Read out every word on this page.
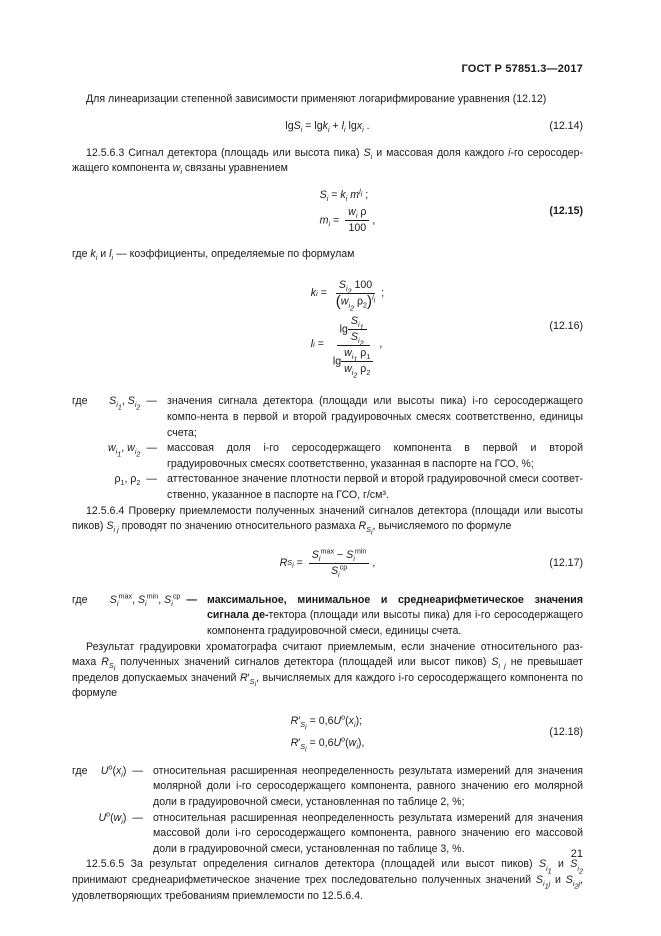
ГОСТ Р 57851.3—2017

Для линеаризации степенной зависимости применяют логарифмирование уравнения (12.12)

$\lg S_i = \lg k_i + l_i$ lgx$_i$ .	(12.14)

12.5.6.3 Сигнал детектора (площадь или высота пика) $S_i$ и массовая доля каждого i-го серосодер-жащего компонента $w_i$ связаны уравнением

$S_i = k_i$ $m^{l_i}$ ;
$m_i = \frac{w_i \rho}{100}$ ,
(12.15)

где $k_i$ и $l_i$ — коэффициенты, определяемые по формулам

k $i = \frac{S_{i_2} 100}{(w_{i_2} \rho_2)^{l_i}}$ ;
l $i = \frac{\lg \frac{S_{i_1}}{S_{i_2}}}{\lg \frac{w_{i_1} \rho_1}{w_{i_2} \rho_2}}$ ,
(12.16)
где $S_{i_1}$, $S_{i_2}—$ значения сигнала детектора (площади или высоты пика) i-го серосодержащего компо-нента в первой и второй градуировочных смесях соответственно, единицы счета;
$w_{i_1}$, $w_{i_2}—$ массовая доля i-го серосодержащего компонента в первой и второй градуировочных смесях соответственно, указанная в паспорте на ГСО, %;
$\rho_1$, $\rho_2$ — аттестованное значение плотности первой и второй градуировочной смеси соответ-ственно, указанное в паспорте на ГСО, г/см³.

12.5.6.4 Проверку приемлемости полученных значений сигналов детектора (площади или высоты пиков) $S_{i j}$ проводят по значению относительного размаха $R_{S_i}$, вычисляемого по формуле

R $S_i = \frac{S_i^{max} - S_i^{min}}{S_i^{ср}}$ ,	(12.17)
где $S_i^{max}$, $S_i^{min}$, $S_i^{ср}$ — максимальное, минимальное и среднеарифметическое значения сигнала де-тектора (площади или высоты пика) для i-го серосодержащего компонента градуировочной смеси, единицы счета.

Результат градуировки хроматографа считают приемлемым, если значение относительного раз-маха $R_{S_i}$ полученных значений сигналов детектора (площадей или высот пиков) $S_{i j}$ не превышает пределов допускаемых значений $R'_{S_i}$, вычисляемых для каждого i-го серосодержащего компонента по формуле

$R'_{S_i} = 0,6U^o(x_i)$;
$R'_{S_i} = 0,6U^o(w_i)$,
(12.18)
где $U^o(x_i)$ — относительная расширенная неопределенность результата измерений для значения молярной доли i-го серосодержащего компонента, равного значению его молярной доли в градуировочной смеси, установленная по таблице 2, %;
$U^o(w_i)$ — относительная расширенная неопределенность результата измерений для значения массовой доли i-го серосодержащего компонента, равного значению его массовой доли в градуировочной смеси, установленная по таблице 3, %.

12.5.6.5 За результат определения сигналов детектора (площадей или высот пиков) $S_{i_1}$ и $S_{i_2}$ принимают среднеарифметическое значение трех последовательно полученных значений $S_{i_1j}$ и $S_{i_2j}$, удовлетворяющих требованиям приемлемости по 12.5.6.4.

21
